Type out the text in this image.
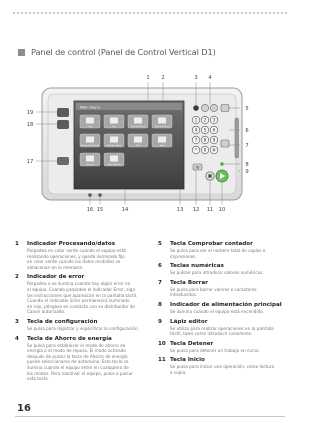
Panel de control (Panel de Control Vertical D1)
Main menu
Copy	Fax	Scan and Send	Scan and Store
Access Stored Files	Fax/I-Fax Inbox	Print	Hold
Scanner	Status Monitor
1 2 3
4 5 6
7 8 9
* 0 #
ID
1 2	3 4
5
6
7
8
9
10
11
12
13
14
15
16
17
18
19
1	Indicador Procesando/datos
Parpadea en color verde cuando el equipo está
realizando operaciones, y queda iluminado fijo
en color verde cuando los datos recibidos se
almacenan en la memoria.
2	Indicador de error
Parpadea o se ilumina cuando hay algún error en
el equipo. Cuando parpadee el indicador Error, siga
las instrucciones que aparezcan en la pantalla táctil.
Cuando el indicador Error permanezca iluminado
en rojo, póngase en contacto con su distribuidor de
Canon autorizado.
3	Tecla de configuración
Se pulsa para registrar y especificar la configuración.
4	Tecla de Ahorro de energía
Se pulsa para establecer el modo de ahorro de
energía o el modo de reposo. El modo activado
después de pulsar la tecla de Ahorro de energía
puede seleccionarse de antemano. Esta tecla se
ilumina cuando el equipo entre en cualquiera de
los modos. Para reactivar el equipo, pulse a pulsar
esta tecla.
5	Tecla Comprobar contador
Se pulsa para ver el número total de copias e
impresiones.
6	Teclas numéricas
Se pulsan para introducir valores numéricos.
7	Tecla Borrar
Se pulsa para borrar valores o caracteres
introducidos.
8	Indicador de alimentación principal
Se ilumina cuando el equipo está encendido.
9	Lápiz editor
Se utiliza para realizar operaciones en la pantalla
táctil, tales como introducir caracteres.
10 Tecla Detener
Se pulsa para detener un trabajo en curso.
11 Tecla Inicio
Se pulsa para iniciar una operación, como lectura
o copia.
16
